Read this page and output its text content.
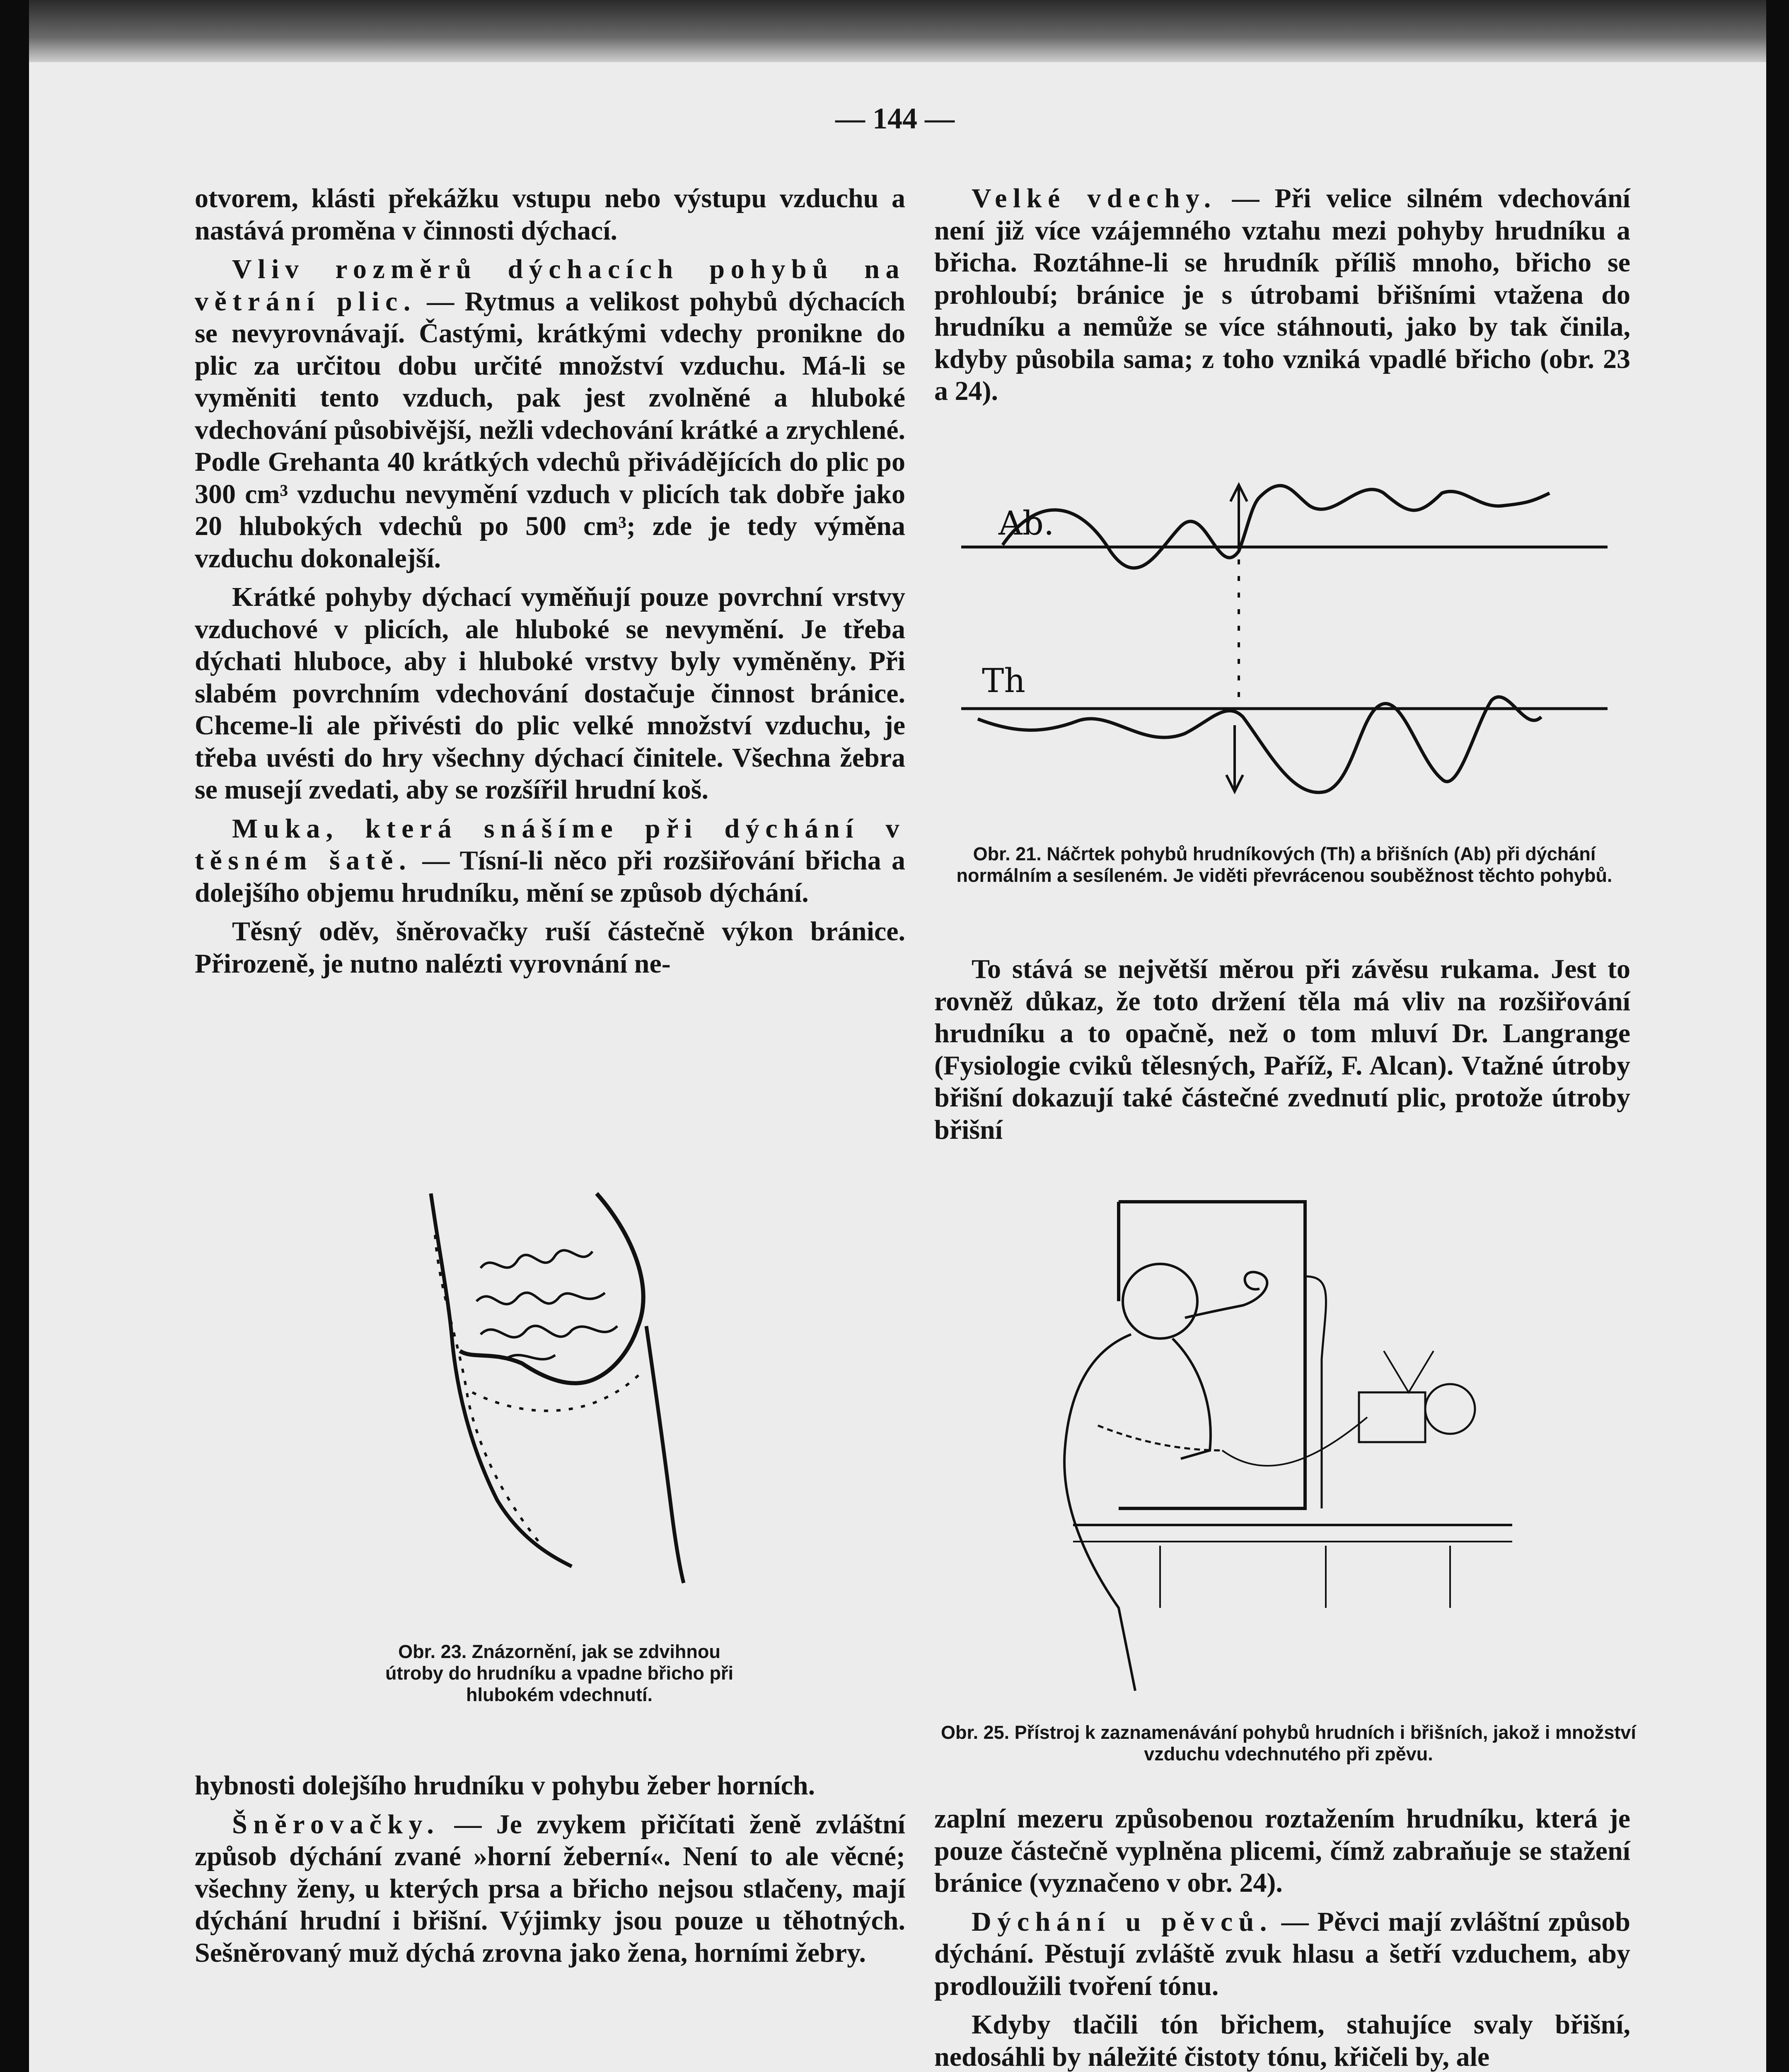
— 144 —

otvorem, klásti překážku vstupu nebo výstupu vzduchu a nastává proměna v činnosti dýchací.

Vliv rozměrů dýchacích pohybů na větrání plic. — Rytmus a velikost pohybů dýchacích se nevyrovnávají. Častými, krátkými vdechy pronikne do plic za určitou dobu určité množství vzduchu. Má-li se vyměniti tento vzduch, pak jest zvolněné a hluboké vdechování působivější, nežli vdechování krátké a zrychlené. Podle Grehanta 40 krátkých vdechů přivádějících do plic po 300 cm³ vzduchu nevymění vzduch v plicích tak dobře jako 20 hlubokých vdechů po 500 cm³; zde je tedy výměna vzduchu dokonalejší.

Krátké pohyby dýchací vyměňují pouze povrchní vrstvy vzduchové v plicích, ale hluboké se nevymění. Je třeba dýchati hluboce, aby i hluboké vrstvy byly vyměněny. Při slabém povrchním vdechování dostačuje činnost bránice. Chceme-li ale přivésti do plic velké množství vzduchu, je třeba uvésti do hry všechny dýchací činitele. Všechna žebra se musejí zvedati, aby se rozšířil hrudní koš.

Muka, která snášíme při dýchání v těsném šatě. — Tísní-li něco při rozšiřování břicha a dolejšího objemu hrudníku, mění se způsob dýchání.

Těsný oděv, šněrovačky ruší částečně výkon bránice. Přirozeně, je nutno nalézti vyrovnání ne-

Velké vdechy. — Při velice silném vdechování není již více vzájemného vztahu mezi pohyby hrudníku a břicha. Roztáhne-li se hrudník příliš mnoho, břicho se prohloubí; bránice je s útrobami břišními vtažena do hrudníku a nemůže se více stáhnouti, jako by tak činila, kdyby působila sama; z toho vzniká vpadlé břicho (obr. 23 a 24).

Ab.
Th
Obr. 21. Náčrtek pohybů hrudníkových (Th) a břišních (Ab) při dýchání normálním a sesíleném. Je viděti převrácenou souběžnost těchto pohybů.

To stává se největší měrou při závěsu rukama. Jest to rovněž důkaz, že toto držení těla má vliv na rozšiřování hrudníku a to opačně, než o tom mluví Dr. Langrange (Fysiologie cviků tělesných, Paříž, F. Alcan). Vtažné útroby břišní dokazují také částečné zvednutí plic, protože útroby břišní

Obr. 23. Znázornění, jak se zdvihnou útroby do hrudníku a vpadne břicho při hlubokém vdechnutí.
Obr. 25. Přístroj k zaznamenávání pohybů hrudních i břišních, jakož i množství vzduchu vdechnutého při zpěvu.

hybnosti dolejšího hrudníku v pohybu žeber horních.

Šněrovačky. — Je zvykem přičítati ženě zvláštní způsob dýchání zvané »horní žeberní«. Není to ale věcné; všechny ženy, u kterých prsa a břicho nejsou stlačeny, mají dýchání hrudní i břišní. Výjimky jsou pouze u těhotných. Sešněrovaný muž dýchá zrovna jako žena, horními žebry.

zaplní mezeru způsobenou roztažením hrudníku, která je pouze částečně vyplněna plicemi, čímž zabraňuje se stažení bránice (vyznačeno v obr. 24).

Dýchání u pěvců. — Pěvci mají zvláštní způsob dýchání. Pěstují zvláště zvuk hlasu a šetří vzduchem, aby prodloužili tvoření tónu.

Kdyby tlačili tón břichem, stahujíce svaly břišní, nedosáhli by náležité čistoty tónu, křičeli by, ale
